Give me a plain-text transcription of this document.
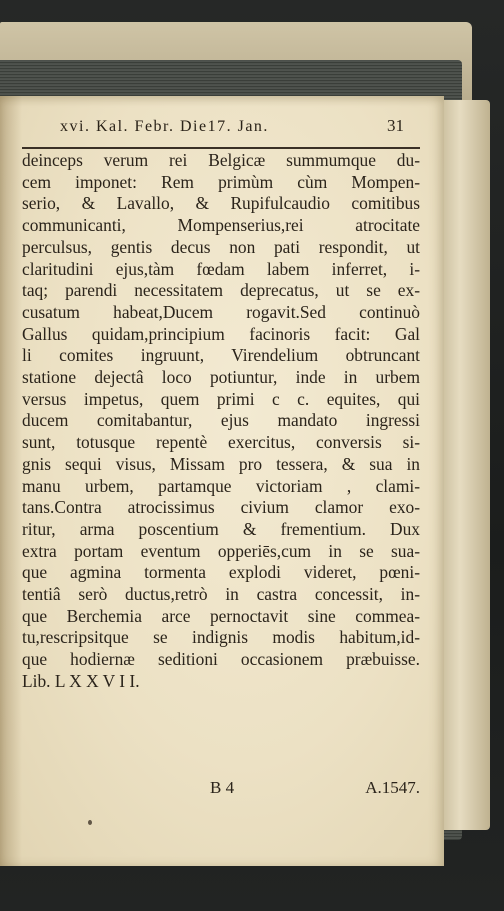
xvi. Kal. Febr. Die17. Jan.	31
deinceps verum rei Belgicæ summumque du-
cem imponet: Rem primùm cùm Mompen-
serio, & Lavallo, & Rupifulcaudio comitibus
communicanti, Mompenserius,rei atrocitate
perculsus, gentis decus non pati respondit, ut
claritudini ejus,tàm fœdam labem inferret, i-
taq; parendi necessitatem deprecatus, ut se ex-
cusatum habeat,Ducem rogavit.Sed continuò
Gallus quidam,principium facinoris facit: Gal
li comites ingruunt, Virendelium obtruncant
statione dejectâ loco potiuntur, inde in urbem
versus impetus, quem primi c c. equites, qui
ducem comitabantur, ejus mandato ingressi
sunt, totusque repentè exercitus, conversis si-
gnis sequi visus, Missam pro tessera, & sua in
manu urbem, partamque victoriam , clami-
tans.Contra atrocissimus civium clamor exo-
ritur, arma poscentium & frementium. Dux
extra portam eventum opperiēs,cum in se sua-
que agmina tormenta explodi videret, pœni-
tentiâ serò ductus,retrò in castra concessit, in-
que Berchemia arce pernoctavit sine commea-
tu,rescripsitque se indignis modis habitum,id-
que hodiernæ seditioni occasionem præbuisse.
Lib. L X X V I I.
B 4	A.1547.
